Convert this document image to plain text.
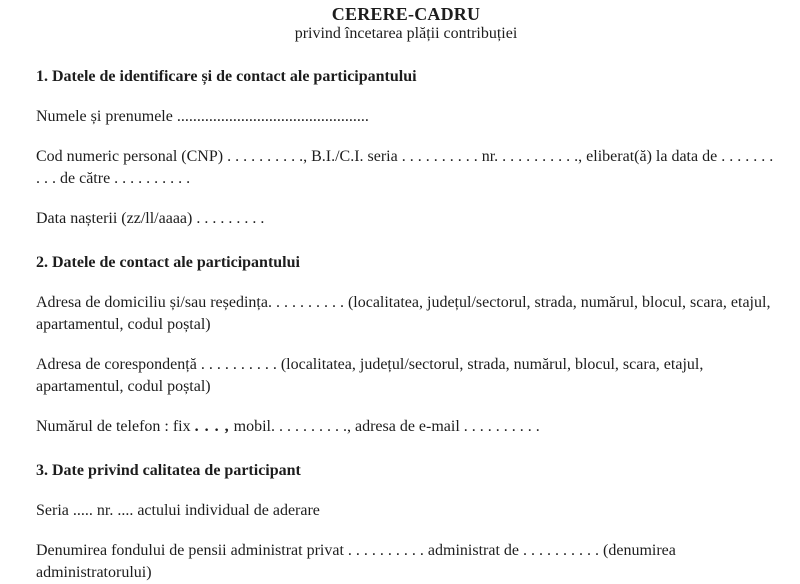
CERERE-CADRU
privind încetarea plății contribuției
1. Datele de identificare și de contact ale participantului

Numele și prenumele ................................................

Cod numeric personal (CNP) . . . . . . . . . ., B.I./C.I. seria . . . . . . . . . . nr. . . . . . . . . . ., eliberat(ă) la data de . . . . . . . . . . de către . . . . . . . . . .

Data nașterii (zz/ll/aaaa) . . . . . . . . .

2. Datele de contact ale participantului

Adresa de domiciliu și/sau reședința. . . . . . . . . . (localitatea, județul/sectorul, strada, numărul, blocul, scara, etajul, apartamentul, codul poștal)

Adresa de corespondență . . . . . . . . . . (localitatea, județul/sectorul, strada, numărul, blocul, scara, etajul, apartamentul, codul poștal)

Numărul de telefon : fix . . . , mobil. . . . . . . . . ., adresa de e-mail . . . . . . . . . .

3. Date privind calitatea de participant

Seria ..... nr. .... actului individual de aderare

Denumirea fondului de pensii administrat privat . . . . . . . . . . administrat de . . . . . . . . . . (denumirea administratorului)
